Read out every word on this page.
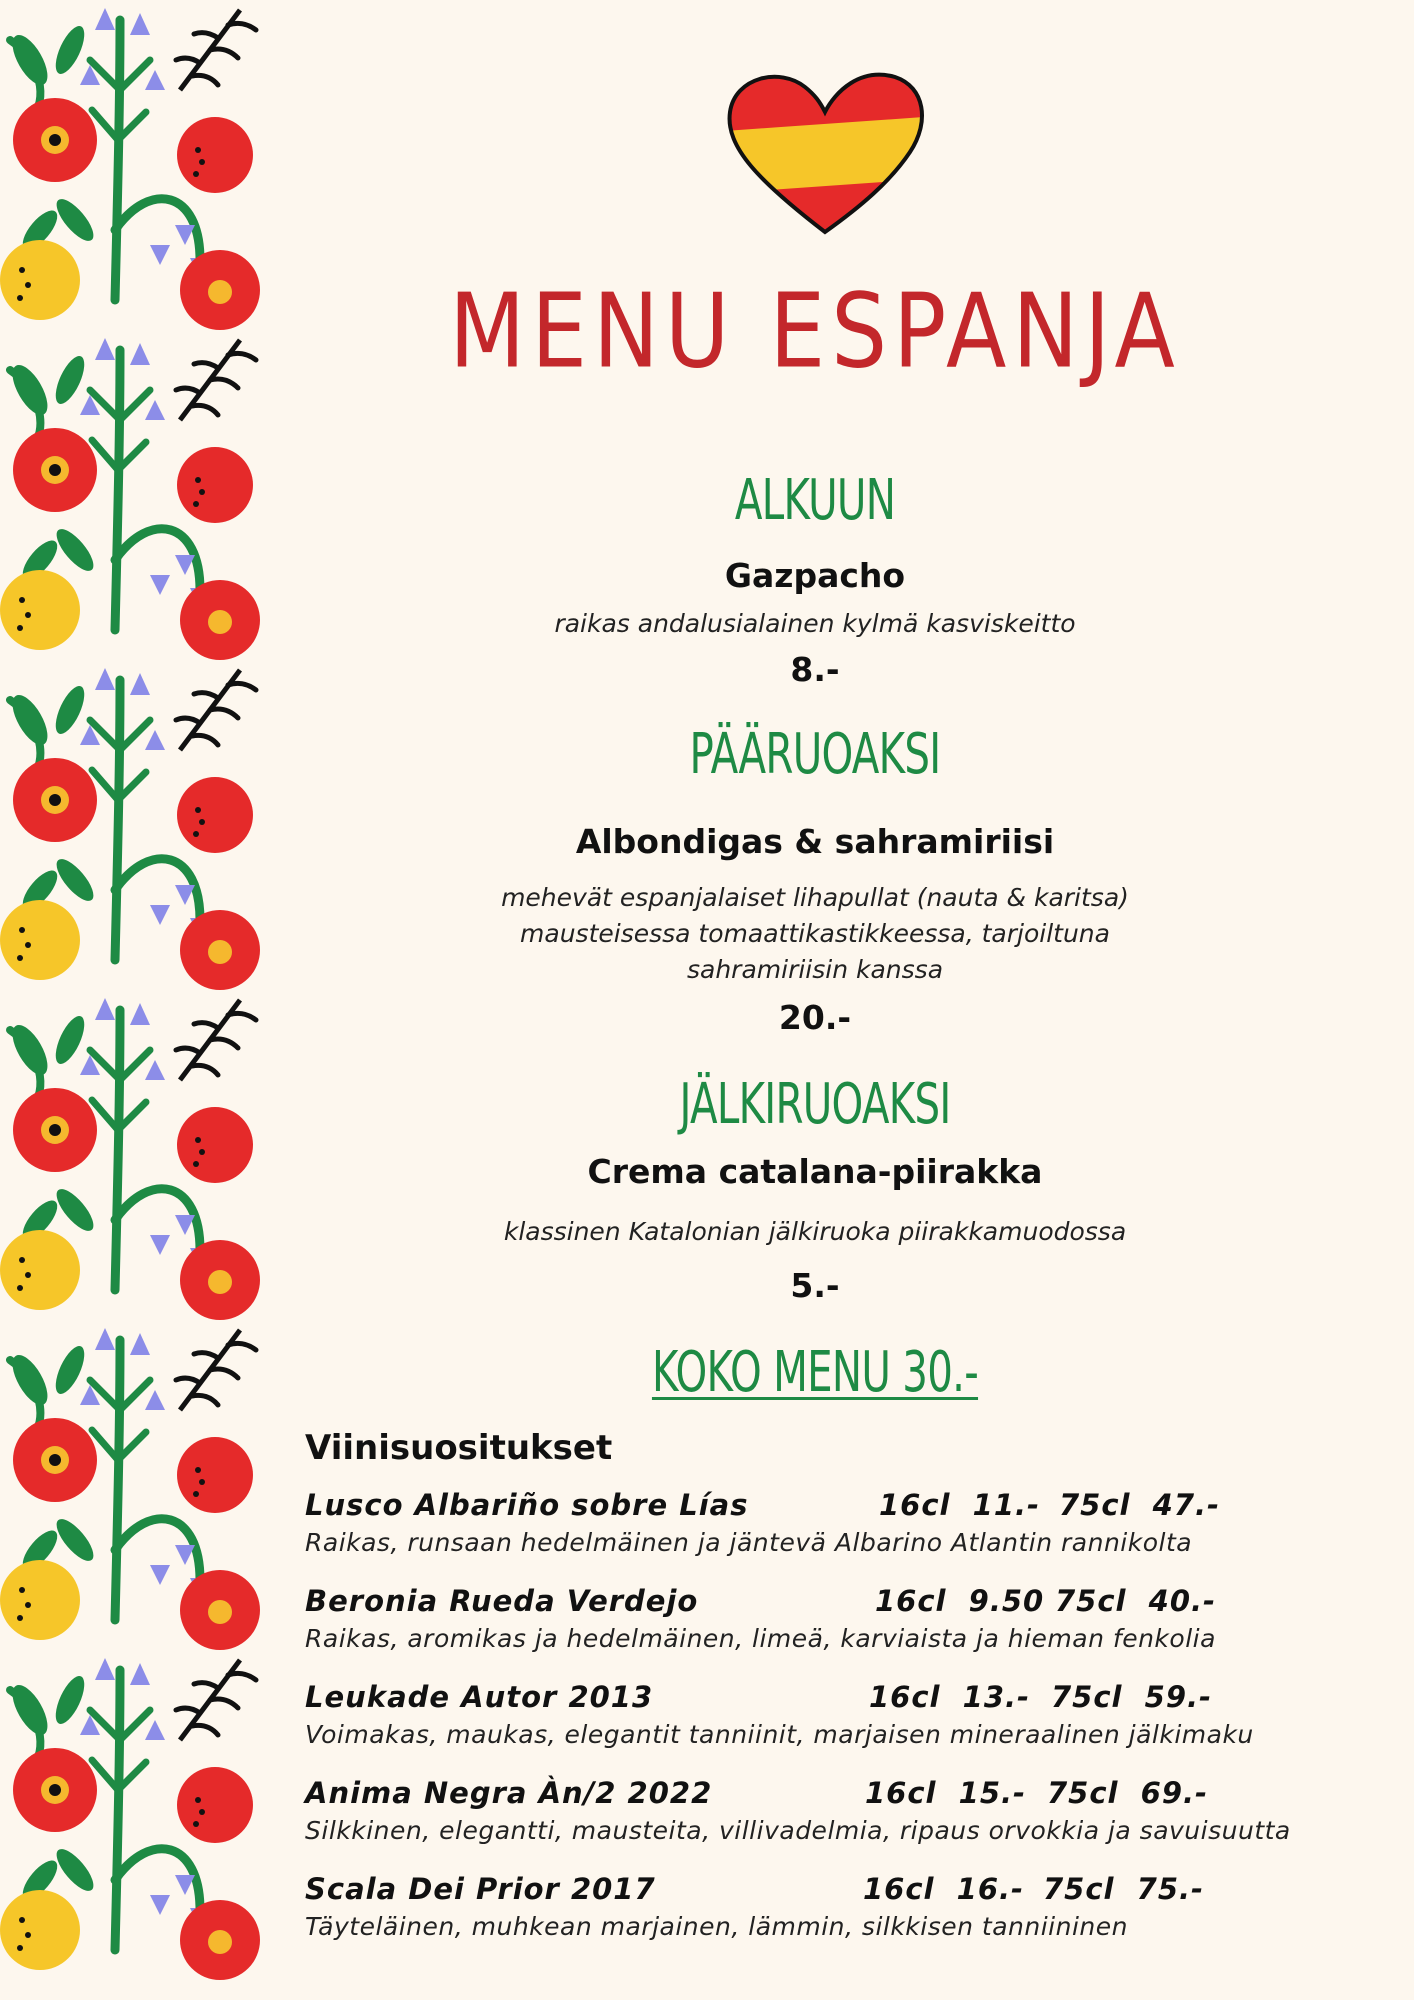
MENU ESPANJA
ALKUUN
Gazpacho
raikas andalusialainen kylmä kasviskeitto
8.-
PÄÄRUOAKSI
Albondigas & sahramiriisi
mehevät espanjalaiset lihapullat (nauta & karitsa)
mausteisessa tomaattikastikkeessa, tarjoiltuna
sahramiriisin kanssa
20.-
JÄLKIRUOAKSI
Crema catalana-piirakka
klassinen Katalonian jälkiruoka piirakkamuodossa
5.-
KOKO MENU 30.-
Viinisuositukset
Lusco Albariño sobre Lías	16cl  11.- 75cl  47.-
Raikas, runsaan hedelmäinen ja jäntevä Albarino Atlantin rannikolta
Beronia Rueda Verdejo	16cl  9.50 75cl  40.-
Raikas, aromikas ja hedelmäinen, limeä, karviaista ja hieman fenkolia
Leukade Autor 2013	16cl  13.- 75cl  59.-
Voimakas, maukas, elegantit tanniinit, marjaisen mineraalinen jälkimaku
Anima Negra Àn/2 2022	16cl  15.- 75cl  69.-
Silkkinen, elegantti, mausteita, villivadelmia, ripaus orvokkia ja savuisuutta
Scala Dei Prior 2017	16cl  16.- 75cl  75.-
Täyteläinen, muhkean marjainen, lämmin, silkkisen tanniininen
